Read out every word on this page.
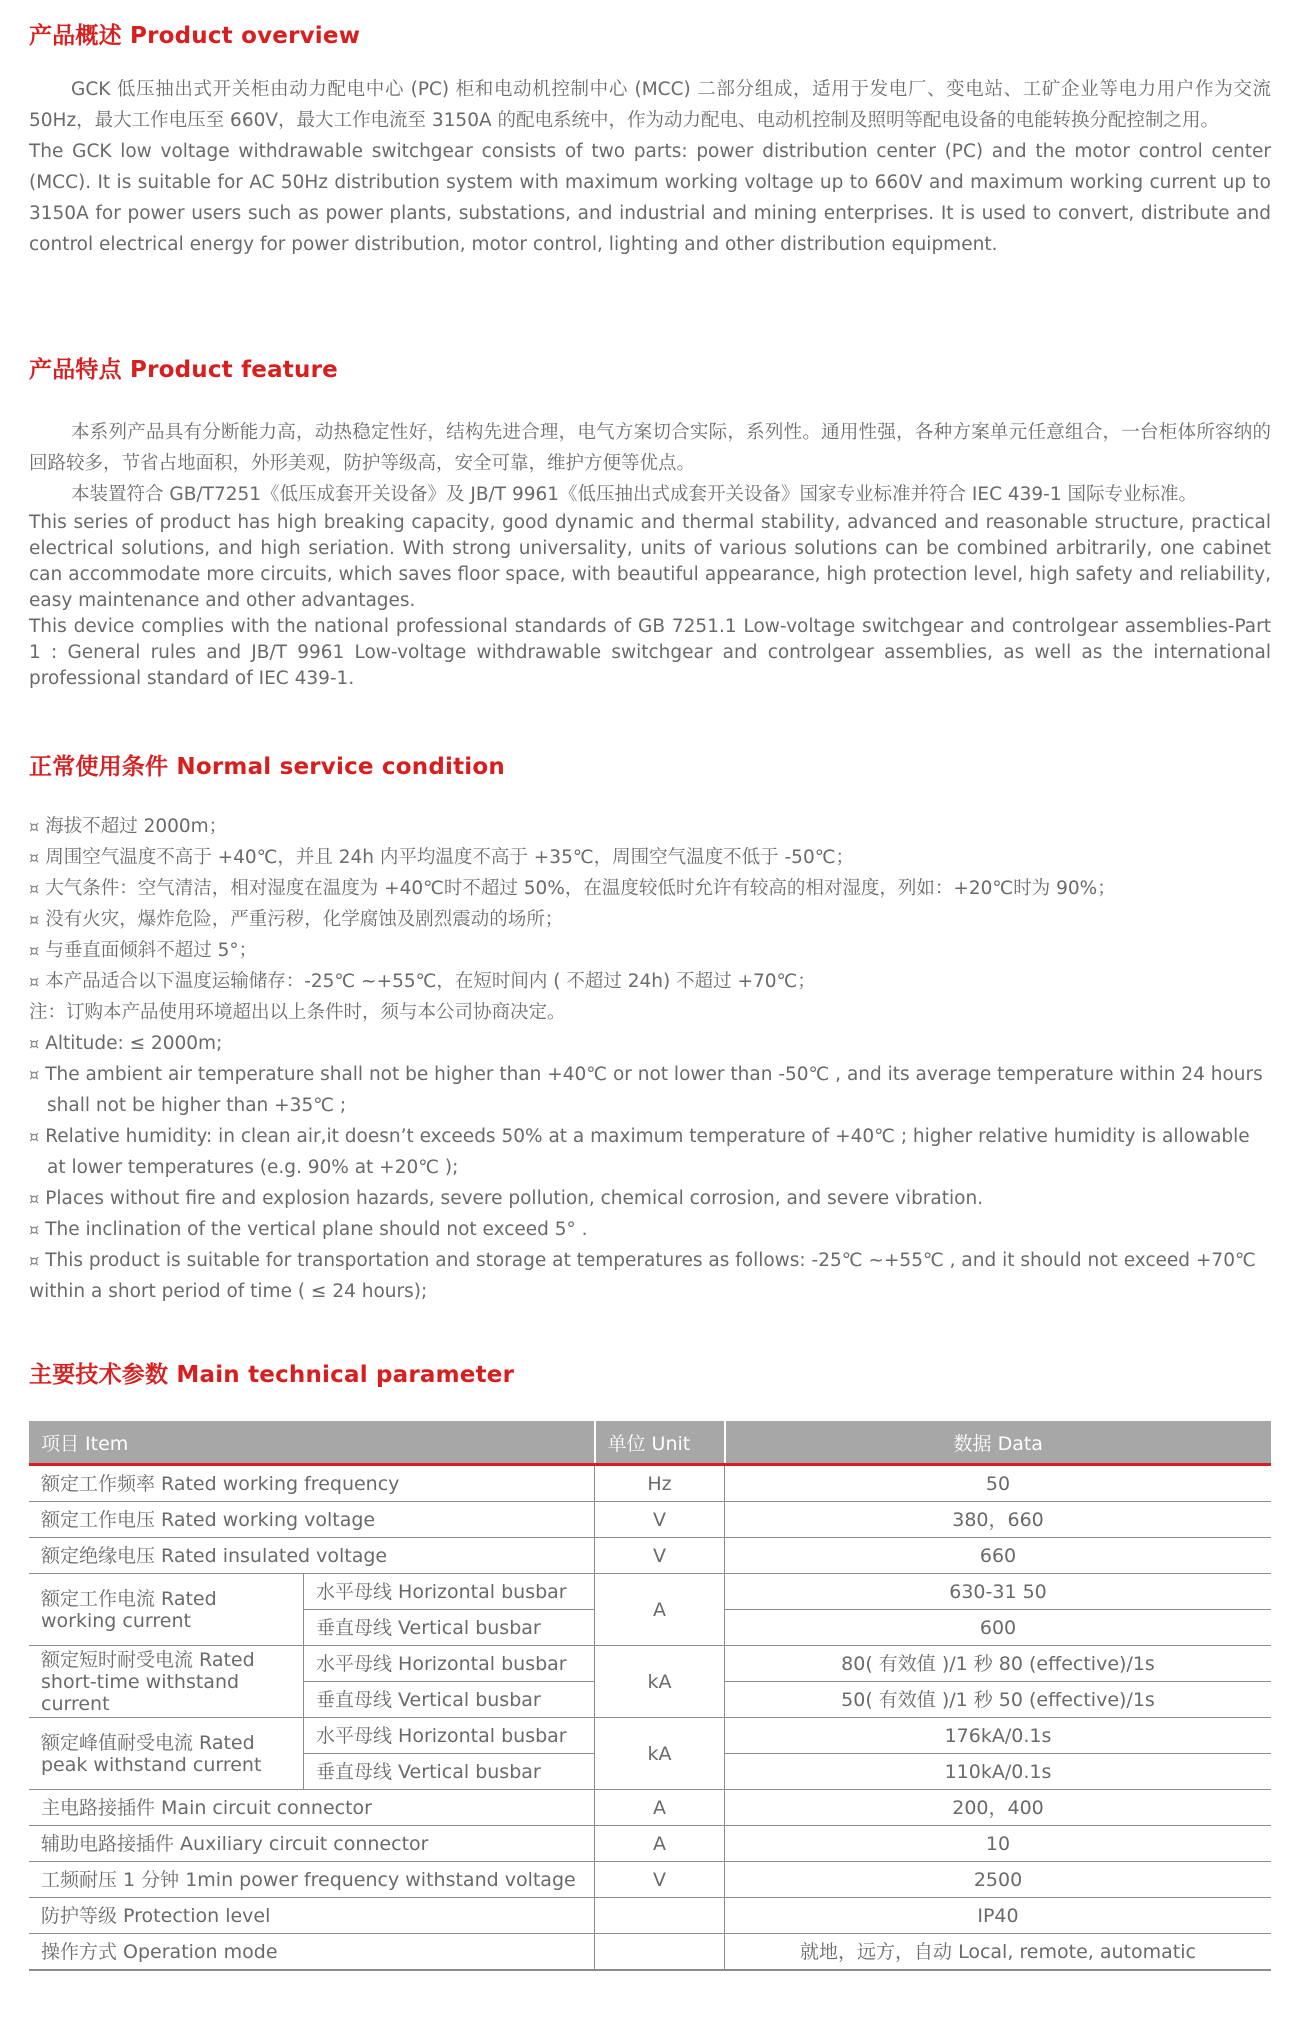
产品概述 Product overview

GCK 低压抽出式开关柜由动力配电中心 (PC) 柜和电动机控制中心 (MCC) 二部分组成，适用于发电厂、变电站、工矿企业等电力用户作为交流 50Hz，最大工作电压至 660V，最大工作电流至 3150A 的配电系统中，作为动力配电、电动机控制及照明等配电设备的电能转换分配控制之用。

The GCK low voltage withdrawable switchgear consists of two parts: power distribution center (PC) and the motor control center (MCC). It is suitable for AC 50Hz distribution system with maximum working voltage up to 660V and maximum working current up to 3150A for power users such as power plants, substations, and industrial and mining enterprises. It is used to convert, distribute and control electrical energy for power distribution, motor control, lighting and other distribution equipment.

产品特点 Product feature

本系列产品具有分断能力高，动热稳定性好，结构先进合理，电气方案切合实际，系列性。通用性强，各种方案单元任意组合，一台柜体所容纳的回路较多，节省占地面积，外形美观，防护等级高，安全可靠，维护方便等优点。

本装置符合 GB/T7251《低压成套开关设备》及 JB/T 9961《低压抽出式成套开关设备》国家专业标准并符合 IEC 439-1 国际专业标准。

This series of product has high breaking capacity, good dynamic and thermal stability, advanced and reasonable structure, practical electrical solutions, and high seriation. With strong universality, units of various solutions can be combined arbitrarily, one cabinet can accommodate more circuits, which saves floor space, with beautiful appearance, high protection level, high safety and reliability, easy maintenance and other advantages.

This device complies with the national professional standards of GB 7251.1 Low-voltage switchgear and controlgear assemblies-Part 1 : General rules and JB/T 9961 Low-voltage withdrawable switchgear and controlgear assemblies, as well as the international professional standard of IEC 439-1.

正常使用条件 Normal service condition

¤ 海拔不超过 2000m；

¤ 周围空气温度不高于 +40℃，并且 24h 内平均温度不高于 +35℃，周围空气温度不低于 -50℃；

¤ 大气条件：空气清洁，相对湿度在温度为 +40℃时不超过 50%，在温度较低时允许有较高的相对湿度，列如：+20℃时为 90%；

¤ 没有火灾，爆炸危险，严重污秽，化学腐蚀及剧烈震动的场所；

¤ 与垂直面倾斜不超过 5°；

¤ 本产品适合以下温度运输储存：-25℃ ~+55℃，在短时间内 ( 不超过 24h) 不超过 +70℃；

注：订购本产品使用环境超出以上条件时，须与本公司协商决定。

¤ Altitude: ≤ 2000m;

¤ The ambient air temperature shall not be higher than +40℃ or not lower than -50℃ , and its average temperature within 24 hours shall not be higher than +35℃ ;

¤ Relative humidity: in clean air,it doesn’t exceeds 50% at a maximum temperature of +40℃ ; higher relative humidity is allowable at lower temperatures (e.g. 90% at +20℃ );

¤ Places without fire and explosion hazards, severe pollution, chemical corrosion, and severe vibration.

¤ The inclination of the vertical plane should not exceed 5° .

¤ This product is suitable for transportation and storage at temperatures as follows: -25℃ ~+55℃ , and it should not exceed +70℃ within a short period of time ( ≤ 24 hours);

主要技术参数 Main technical parameter
项目 Item		单位 Unit	数据 Data
额定工作频率 Rated working frequency		Hz	50
额定工作电压 Rated working voltage		V	380，660
额定绝缘电压 Rated insulated voltage		V	660
额定工作电流 Rated working current	水平母线 Horizontal busbar	A	630-31 50
	垂直母线 Vertical busbar		600
额定短时耐受电流 Rated short-time withstand current	水平母线 Horizontal busbar	kA	80( 有效值 )/1 秒 80 (effective)/1s
	垂直母线 Vertical busbar		50( 有效值 )/1 秒 50 (effective)/1s
额定峰值耐受电流 Rated peak withstand current	水平母线 Horizontal busbar	kA	176kA/0.1s
	垂直母线 Vertical busbar		110kA/0.1s
主电路接插件 Main circuit connector		A	200，400
辅助电路接插件 Auxiliary circuit connector		A	10
工频耐压 1 分钟 1min power frequency withstand voltage		V	2500
防护等级 Protection level			IP40
操作方式 Operation mode			就地，远方，自动 Local, remote, automatic
